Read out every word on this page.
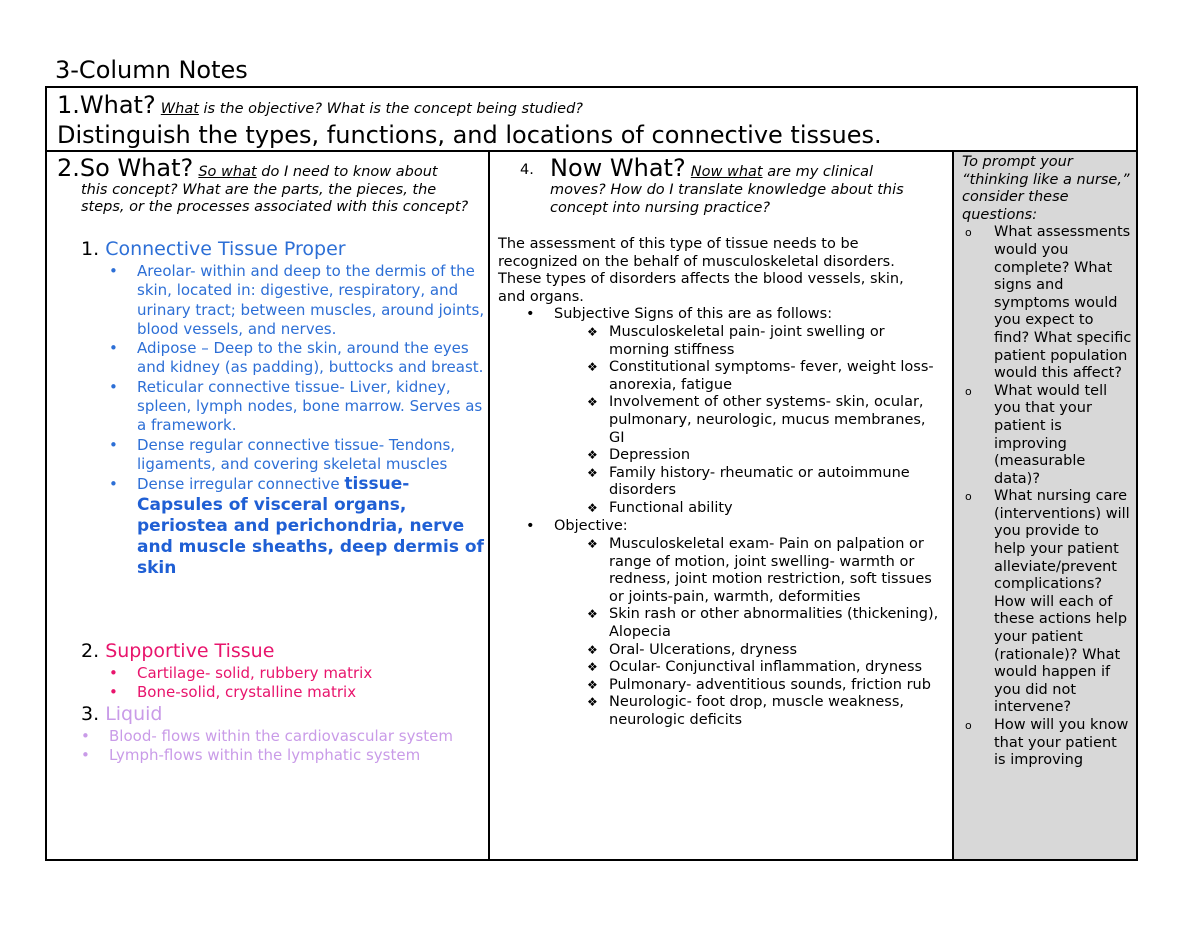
3-Column Notes
1.What? What is the objective? What is the concept being studied?
Distinguish the types, functions, and locations of connective tissues.
2.So What? So what do I need to know about
this concept? What are the parts, the pieces, the steps, or the processes associated with this concept?
1. Connective Tissue Proper
• Areolar- within and deep to the dermis of the skin, located in: digestive, respiratory, and urinary tract; between muscles, around joints, blood vessels, and nerves.
• Adipose – Deep to the skin, around the eyes and kidney (as padding), buttocks and breast.
• Reticular connective tissue- Liver, kidney, spleen, lymph nodes, bone marrow. Serves as a framework.
• Dense regular connective tissue- Tendons, ligaments, and covering skeletal muscles
• Dense irregular connective tissue- Capsules of visceral organs, periostea and perichondria, nerve and muscle sheaths, deep dermis of skin
2. Supportive Tissue
• Cartilage- solid, rubbery matrix
• Bone-solid, crystalline matrix
3. Liquid
• Blood- flows within the cardiovascular system
• Lymph-flows within the lymphatic system
4. Now What? Now what are my clinical
moves? How do I translate knowledge about this concept into nursing practice?
The assessment of this type of tissue needs to be recognized on the behalf of musculoskeletal disorders. These types of disorders affects the blood vessels, skin, and organs.
• Subjective Signs of this are as follows:
❖ Musculoskeletal pain- joint swelling or morning stiffness
❖ Constitutional symptoms- fever, weight loss-anorexia, fatigue
❖ Involvement of other systems- skin, ocular, pulmonary, neurologic, mucus membranes, GI
❖ Depression
❖ Family history- rheumatic or autoimmune disorders
❖ Functional ability
• Objective:
❖ Musculoskeletal exam- Pain on palpation or range of motion, joint swelling- warmth or redness, joint motion restriction, soft tissues or joints-pain, warmth, deformities
❖ Skin rash or other abnormalities (thickening), Alopecia
❖ Oral- Ulcerations, dryness
❖ Ocular- Conjunctival inflammation, dryness
❖ Pulmonary- adventitious sounds, friction rub
❖ Neurologic- foot drop, muscle weakness, neurologic deficits
To prompt your “thinking like a nurse,” consider these questions:
o What assessments would you complete? What signs and symptoms would you expect to find? What specific patient population would this affect?
o What would tell you that your patient is improving (measurable data)?
o What nursing care (interventions) will you provide to help your patient alleviate/prevent complications? How will each of these actions help your patient (rationale)? What would happen if you did not intervene?
o How will you know that your patient is improving
